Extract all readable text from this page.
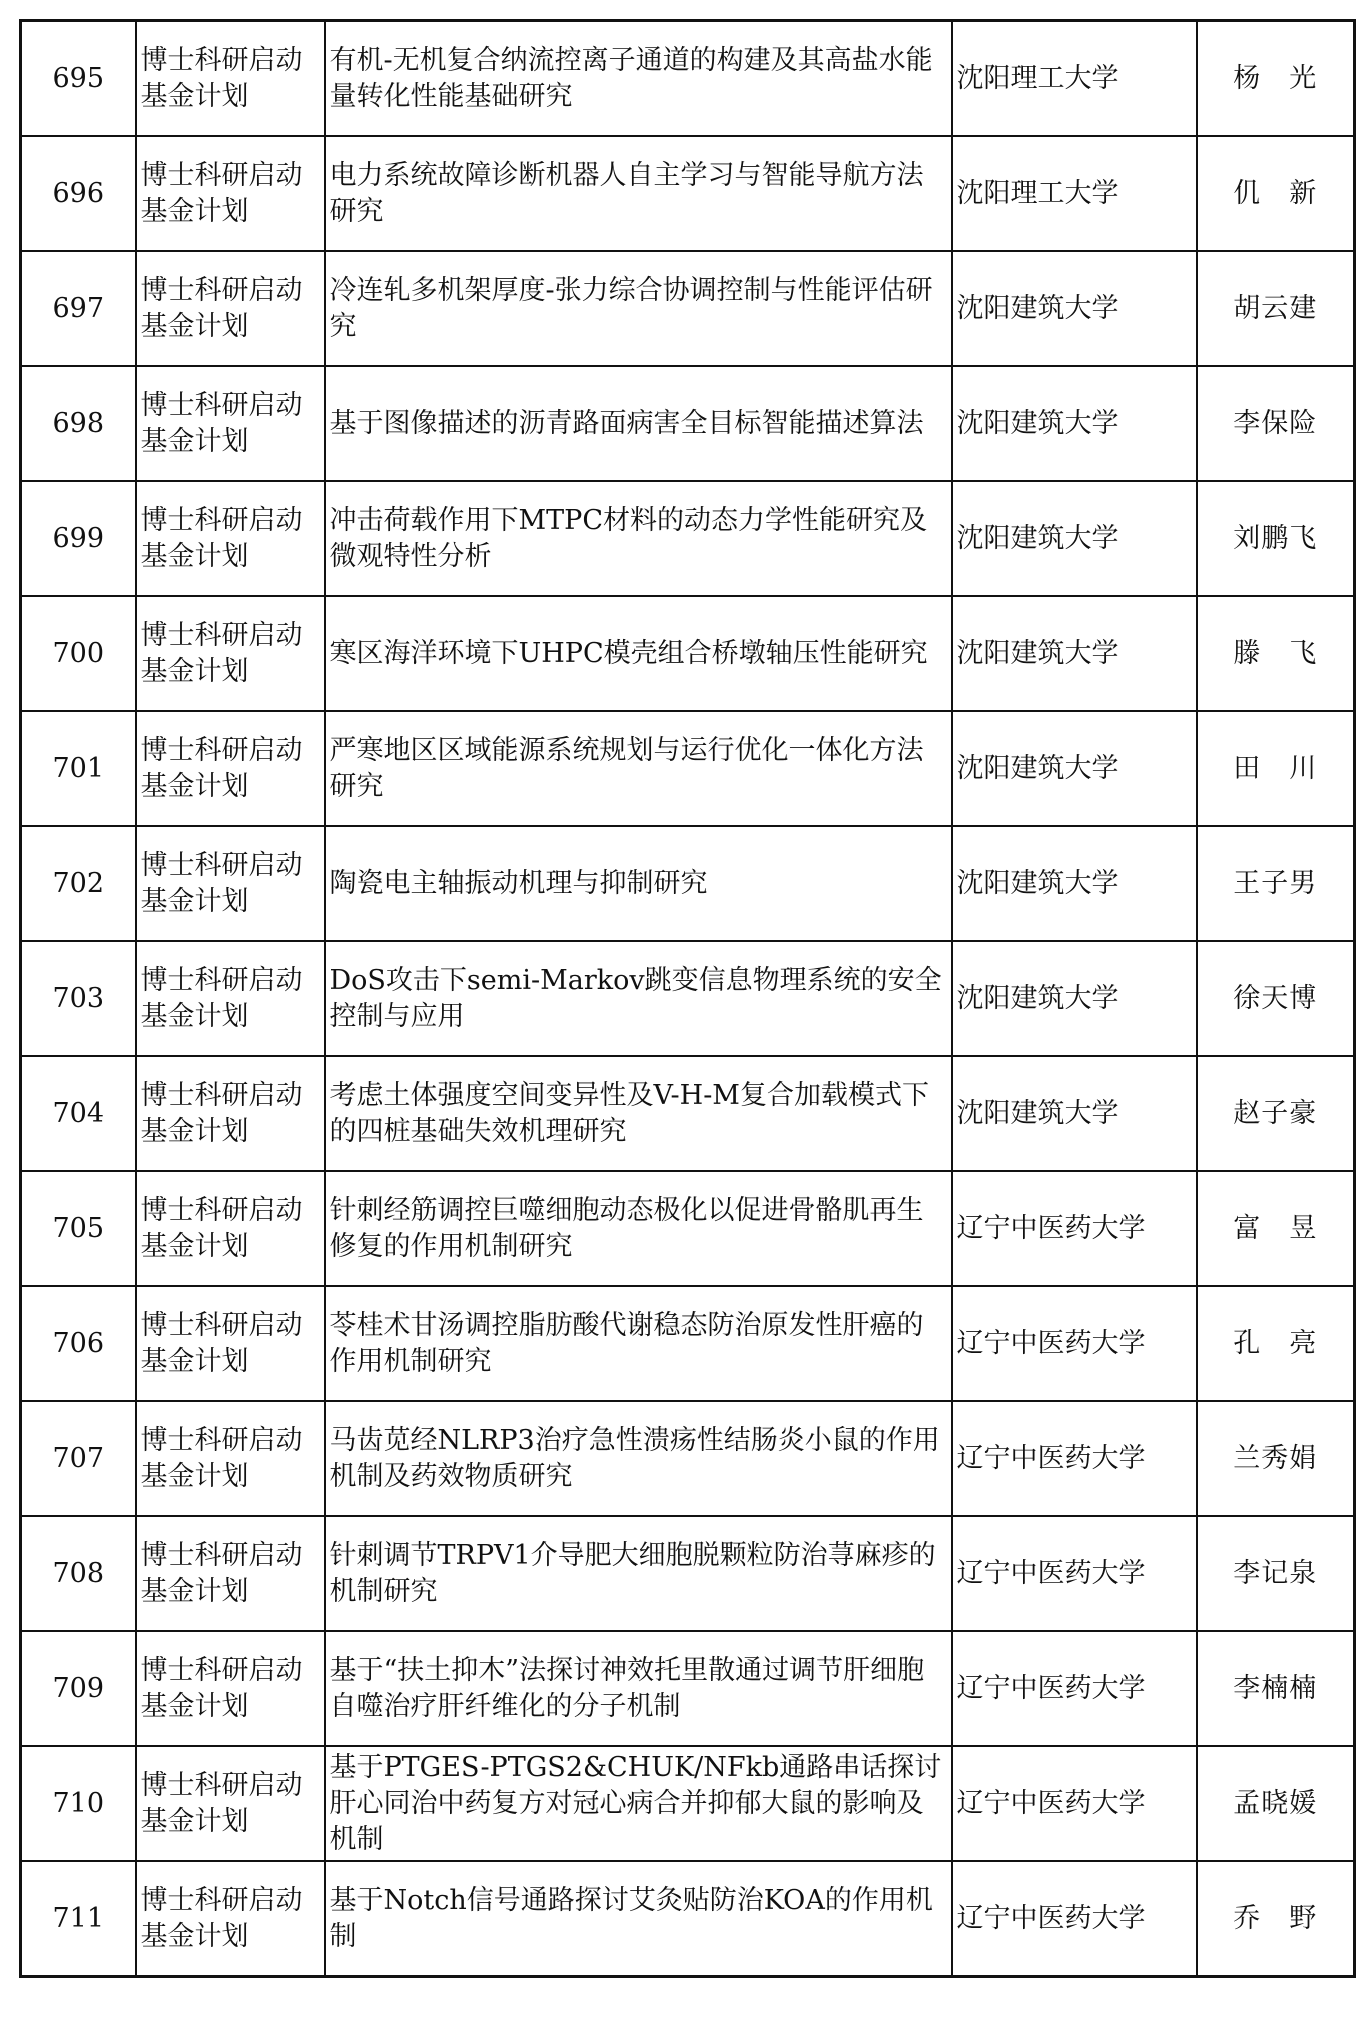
695	博士科研启动基金计划	有机-无机复合纳流控离子通道的构建及其高盐水能量转化性能基础研究	沈阳理工大学	杨　光
696	博士科研启动基金计划	电力系统故障诊断机器人自主学习与智能导航方法研究	沈阳理工大学	仉　新
697	博士科研启动基金计划	冷连轧多机架厚度-张力综合协调控制与性能评估研究	沈阳建筑大学	胡云建
698	博士科研启动基金计划	基于图像描述的沥青路面病害全目标智能描述算法	沈阳建筑大学	李保险
699	博士科研启动基金计划	冲击荷载作用下MTPC材料的动态力学性能研究及微观特性分析	沈阳建筑大学	刘鹏飞
700	博士科研启动基金计划	寒区海洋环境下UHPC模壳组合桥墩轴压性能研究	沈阳建筑大学	滕　飞
701	博士科研启动基金计划	严寒地区区域能源系统规划与运行优化一体化方法研究	沈阳建筑大学	田　川
702	博士科研启动基金计划	陶瓷电主轴振动机理与抑制研究	沈阳建筑大学	王子男
703	博士科研启动基金计划	DoS攻击下semi-Markov跳变信息物理系统的安全控制与应用	沈阳建筑大学	徐天博
704	博士科研启动基金计划	考虑土体强度空间变异性及V-H-M复合加载模式下的四桩基础失效机理研究	沈阳建筑大学	赵子豪
705	博士科研启动基金计划	针刺经筋调控巨噬细胞动态极化以促进骨骼肌再生修复的作用机制研究	辽宁中医药大学	富　昱
706	博士科研启动基金计划	苓桂术甘汤调控脂肪酸代谢稳态防治原发性肝癌的作用机制研究	辽宁中医药大学	孔　亮
707	博士科研启动基金计划	马齿苋经NLRP3治疗急性溃疡性结肠炎小鼠的作用机制及药效物质研究	辽宁中医药大学	兰秀娟
708	博士科研启动基金计划	针刺调节TRPV1介导肥大细胞脱颗粒防治荨麻疹的机制研究	辽宁中医药大学	李记泉
709	博士科研启动基金计划	基于“扶土抑木”法探讨神效托里散通过调节肝细胞自噬治疗肝纤维化的分子机制	辽宁中医药大学	李楠楠
710	博士科研启动基金计划	基于PTGES-PTGS2&CHUK/NFkb通路串话探讨肝心同治中药复方对冠心病合并抑郁大鼠的影响及机制	辽宁中医药大学	孟晓媛
711	博士科研启动基金计划	基于Notch信号通路探讨艾灸贴防治KOA的作用机制	辽宁中医药大学	乔　野
